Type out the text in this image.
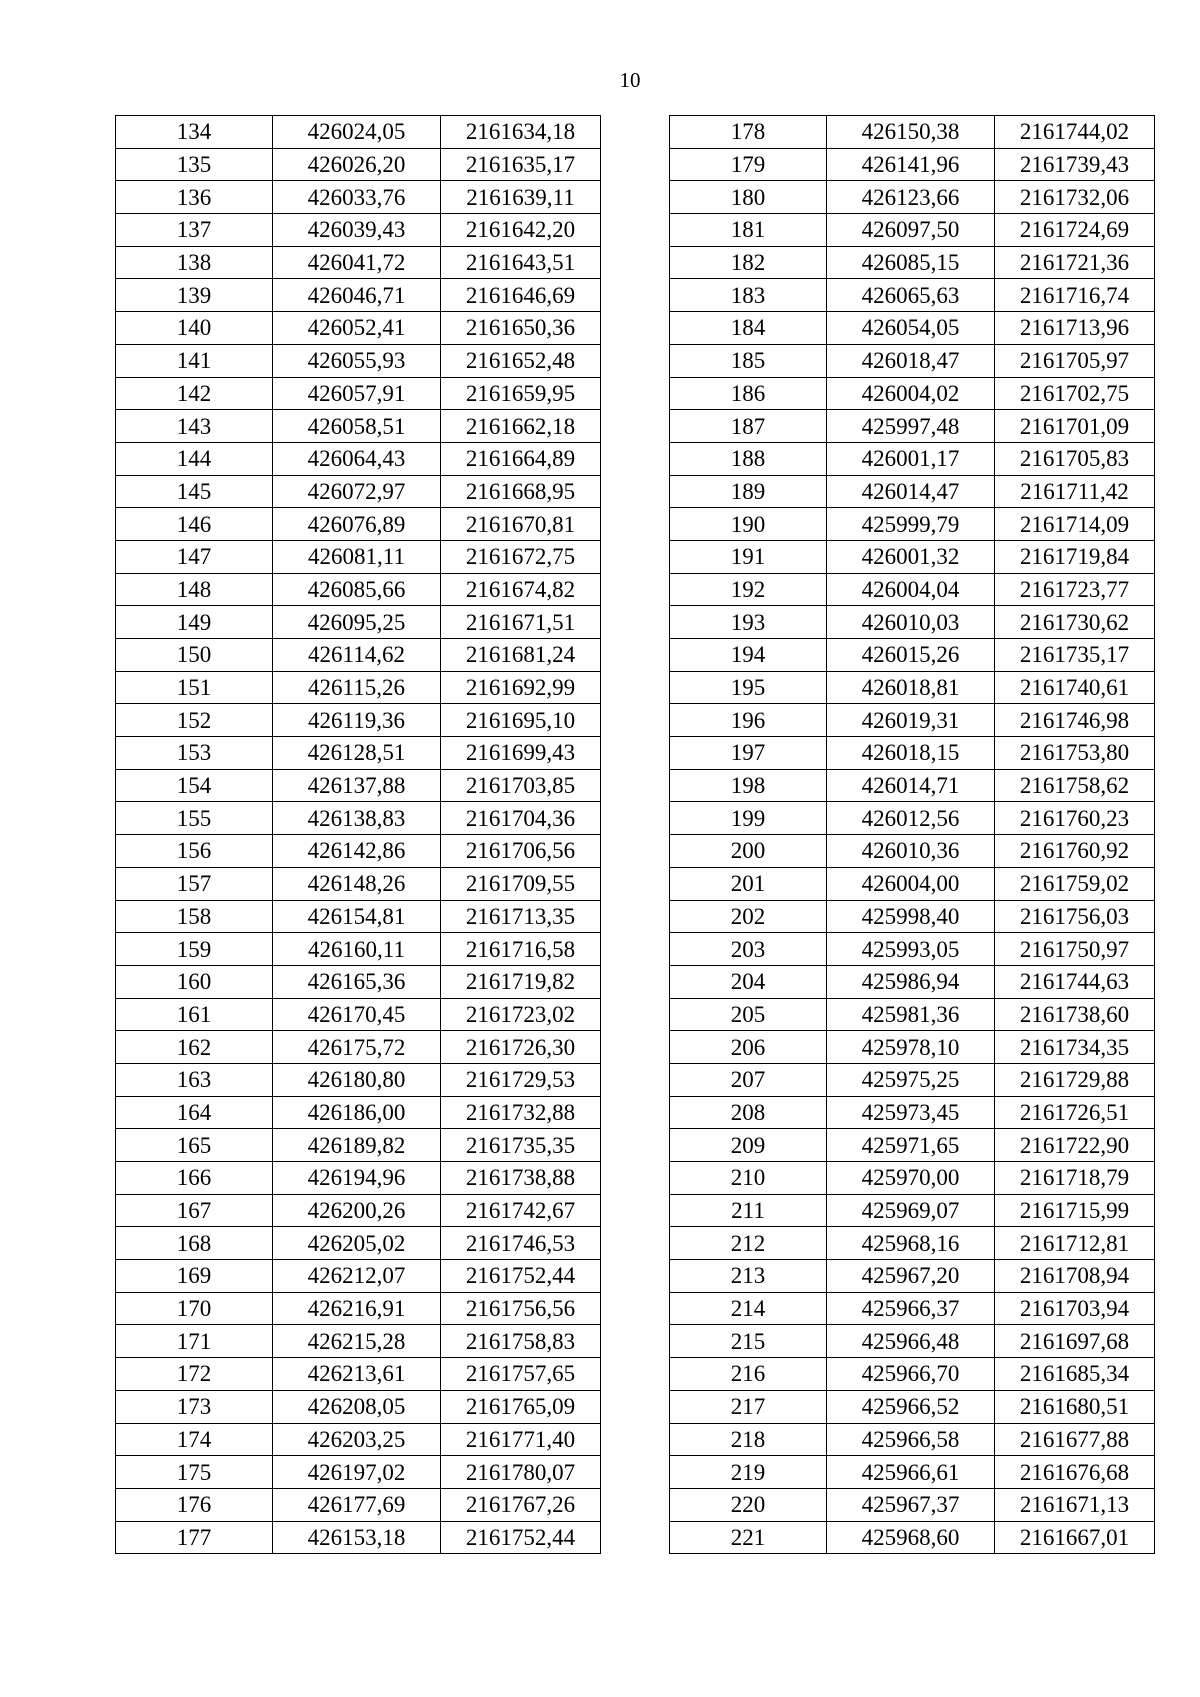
10
134	426024,05	2161634,18
135	426026,20	2161635,17
136	426033,76	2161639,11
137	426039,43	2161642,20
138	426041,72	2161643,51
139	426046,71	2161646,69
140	426052,41	2161650,36
141	426055,93	2161652,48
142	426057,91	2161659,95
143	426058,51	2161662,18
144	426064,43	2161664,89
145	426072,97	2161668,95
146	426076,89	2161670,81
147	426081,11	2161672,75
148	426085,66	2161674,82
149	426095,25	2161671,51
150	426114,62	2161681,24
151	426115,26	2161692,99
152	426119,36	2161695,10
153	426128,51	2161699,43
154	426137,88	2161703,85
155	426138,83	2161704,36
156	426142,86	2161706,56
157	426148,26	2161709,55
158	426154,81	2161713,35
159	426160,11	2161716,58
160	426165,36	2161719,82
161	426170,45	2161723,02
162	426175,72	2161726,30
163	426180,80	2161729,53
164	426186,00	2161732,88
165	426189,82	2161735,35
166	426194,96	2161738,88
167	426200,26	2161742,67
168	426205,02	2161746,53
169	426212,07	2161752,44
170	426216,91	2161756,56
171	426215,28	2161758,83
172	426213,61	2161757,65
173	426208,05	2161765,09
174	426203,25	2161771,40
175	426197,02	2161780,07
176	426177,69	2161767,26
177	426153,18	2161752,44
178	426150,38	2161744,02
179	426141,96	2161739,43
180	426123,66	2161732,06
181	426097,50	2161724,69
182	426085,15	2161721,36
183	426065,63	2161716,74
184	426054,05	2161713,96
185	426018,47	2161705,97
186	426004,02	2161702,75
187	425997,48	2161701,09
188	426001,17	2161705,83
189	426014,47	2161711,42
190	425999,79	2161714,09
191	426001,32	2161719,84
192	426004,04	2161723,77
193	426010,03	2161730,62
194	426015,26	2161735,17
195	426018,81	2161740,61
196	426019,31	2161746,98
197	426018,15	2161753,80
198	426014,71	2161758,62
199	426012,56	2161760,23
200	426010,36	2161760,92
201	426004,00	2161759,02
202	425998,40	2161756,03
203	425993,05	2161750,97
204	425986,94	2161744,63
205	425981,36	2161738,60
206	425978,10	2161734,35
207	425975,25	2161729,88
208	425973,45	2161726,51
209	425971,65	2161722,90
210	425970,00	2161718,79
211	425969,07	2161715,99
212	425968,16	2161712,81
213	425967,20	2161708,94
214	425966,37	2161703,94
215	425966,48	2161697,68
216	425966,70	2161685,34
217	425966,52	2161680,51
218	425966,58	2161677,88
219	425966,61	2161676,68
220	425967,37	2161671,13
221	425968,60	2161667,01
